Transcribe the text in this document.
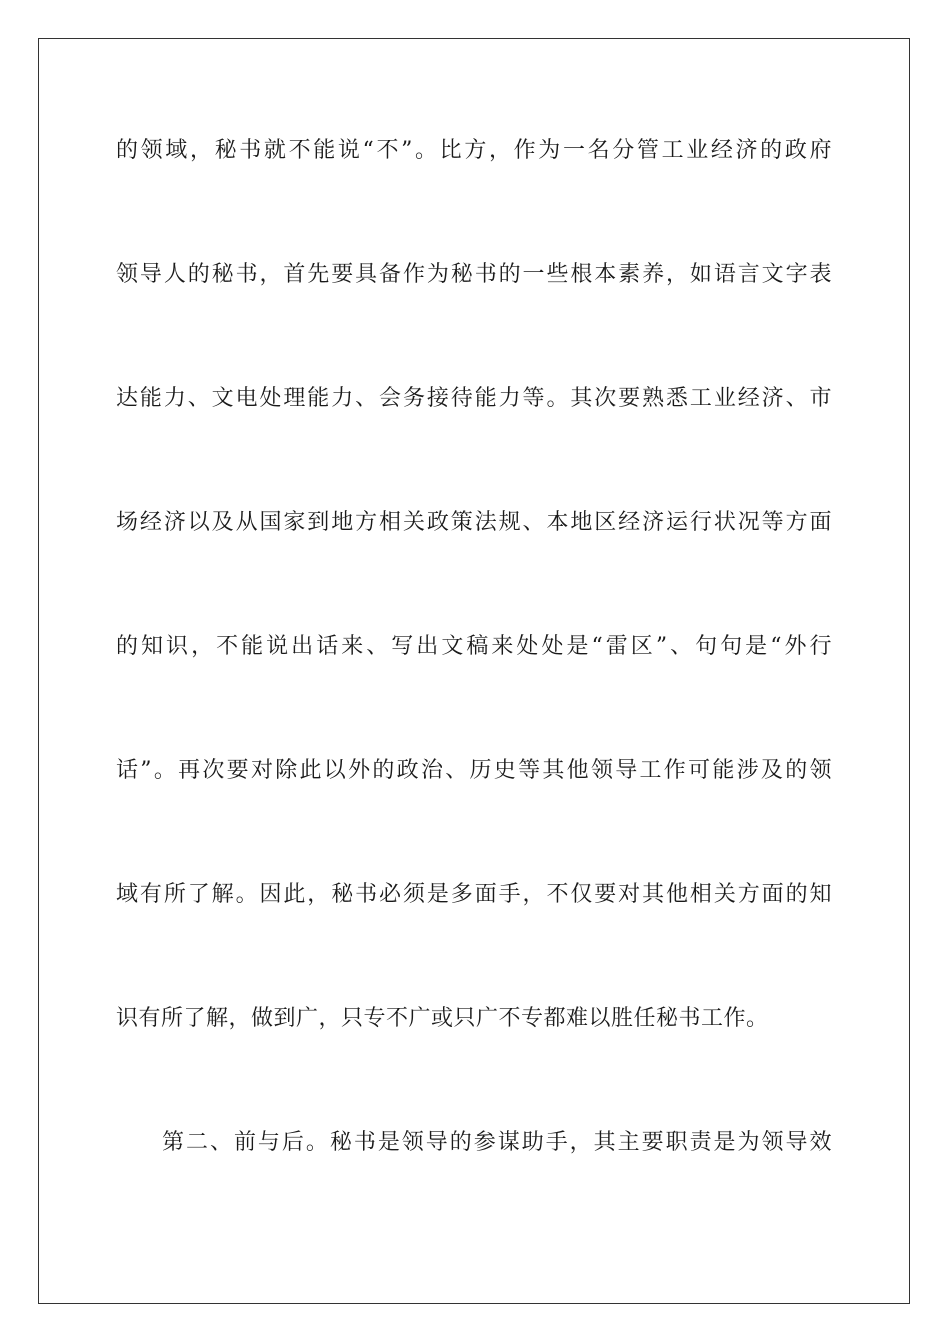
的领域，秘书就不能说“不”。比方，作为一名分管工业经济的政府
领导人的秘书，首先要具备作为秘书的一些根本素养，如语言文字表
达能力、文电处理能力、会务接待能力等。其次要熟悉工业经济、市
场经济以及从国家到地方相关政策法规、本地区经济运行状况等方面
的知识，不能说出话来、写出文稿来处处是“雷区”、句句是“外行
话”。再次要对除此以外的政治、历史等其他领导工作可能涉及的领
域有所了解。因此，秘书必须是多面手，不仅要对其他相关方面的知
识有所了解，做到广，只专不广或只广不专都难以胜任秘书工作。
第二、前与后。秘书是领导的参谋助手，其主要职责是为领导效
